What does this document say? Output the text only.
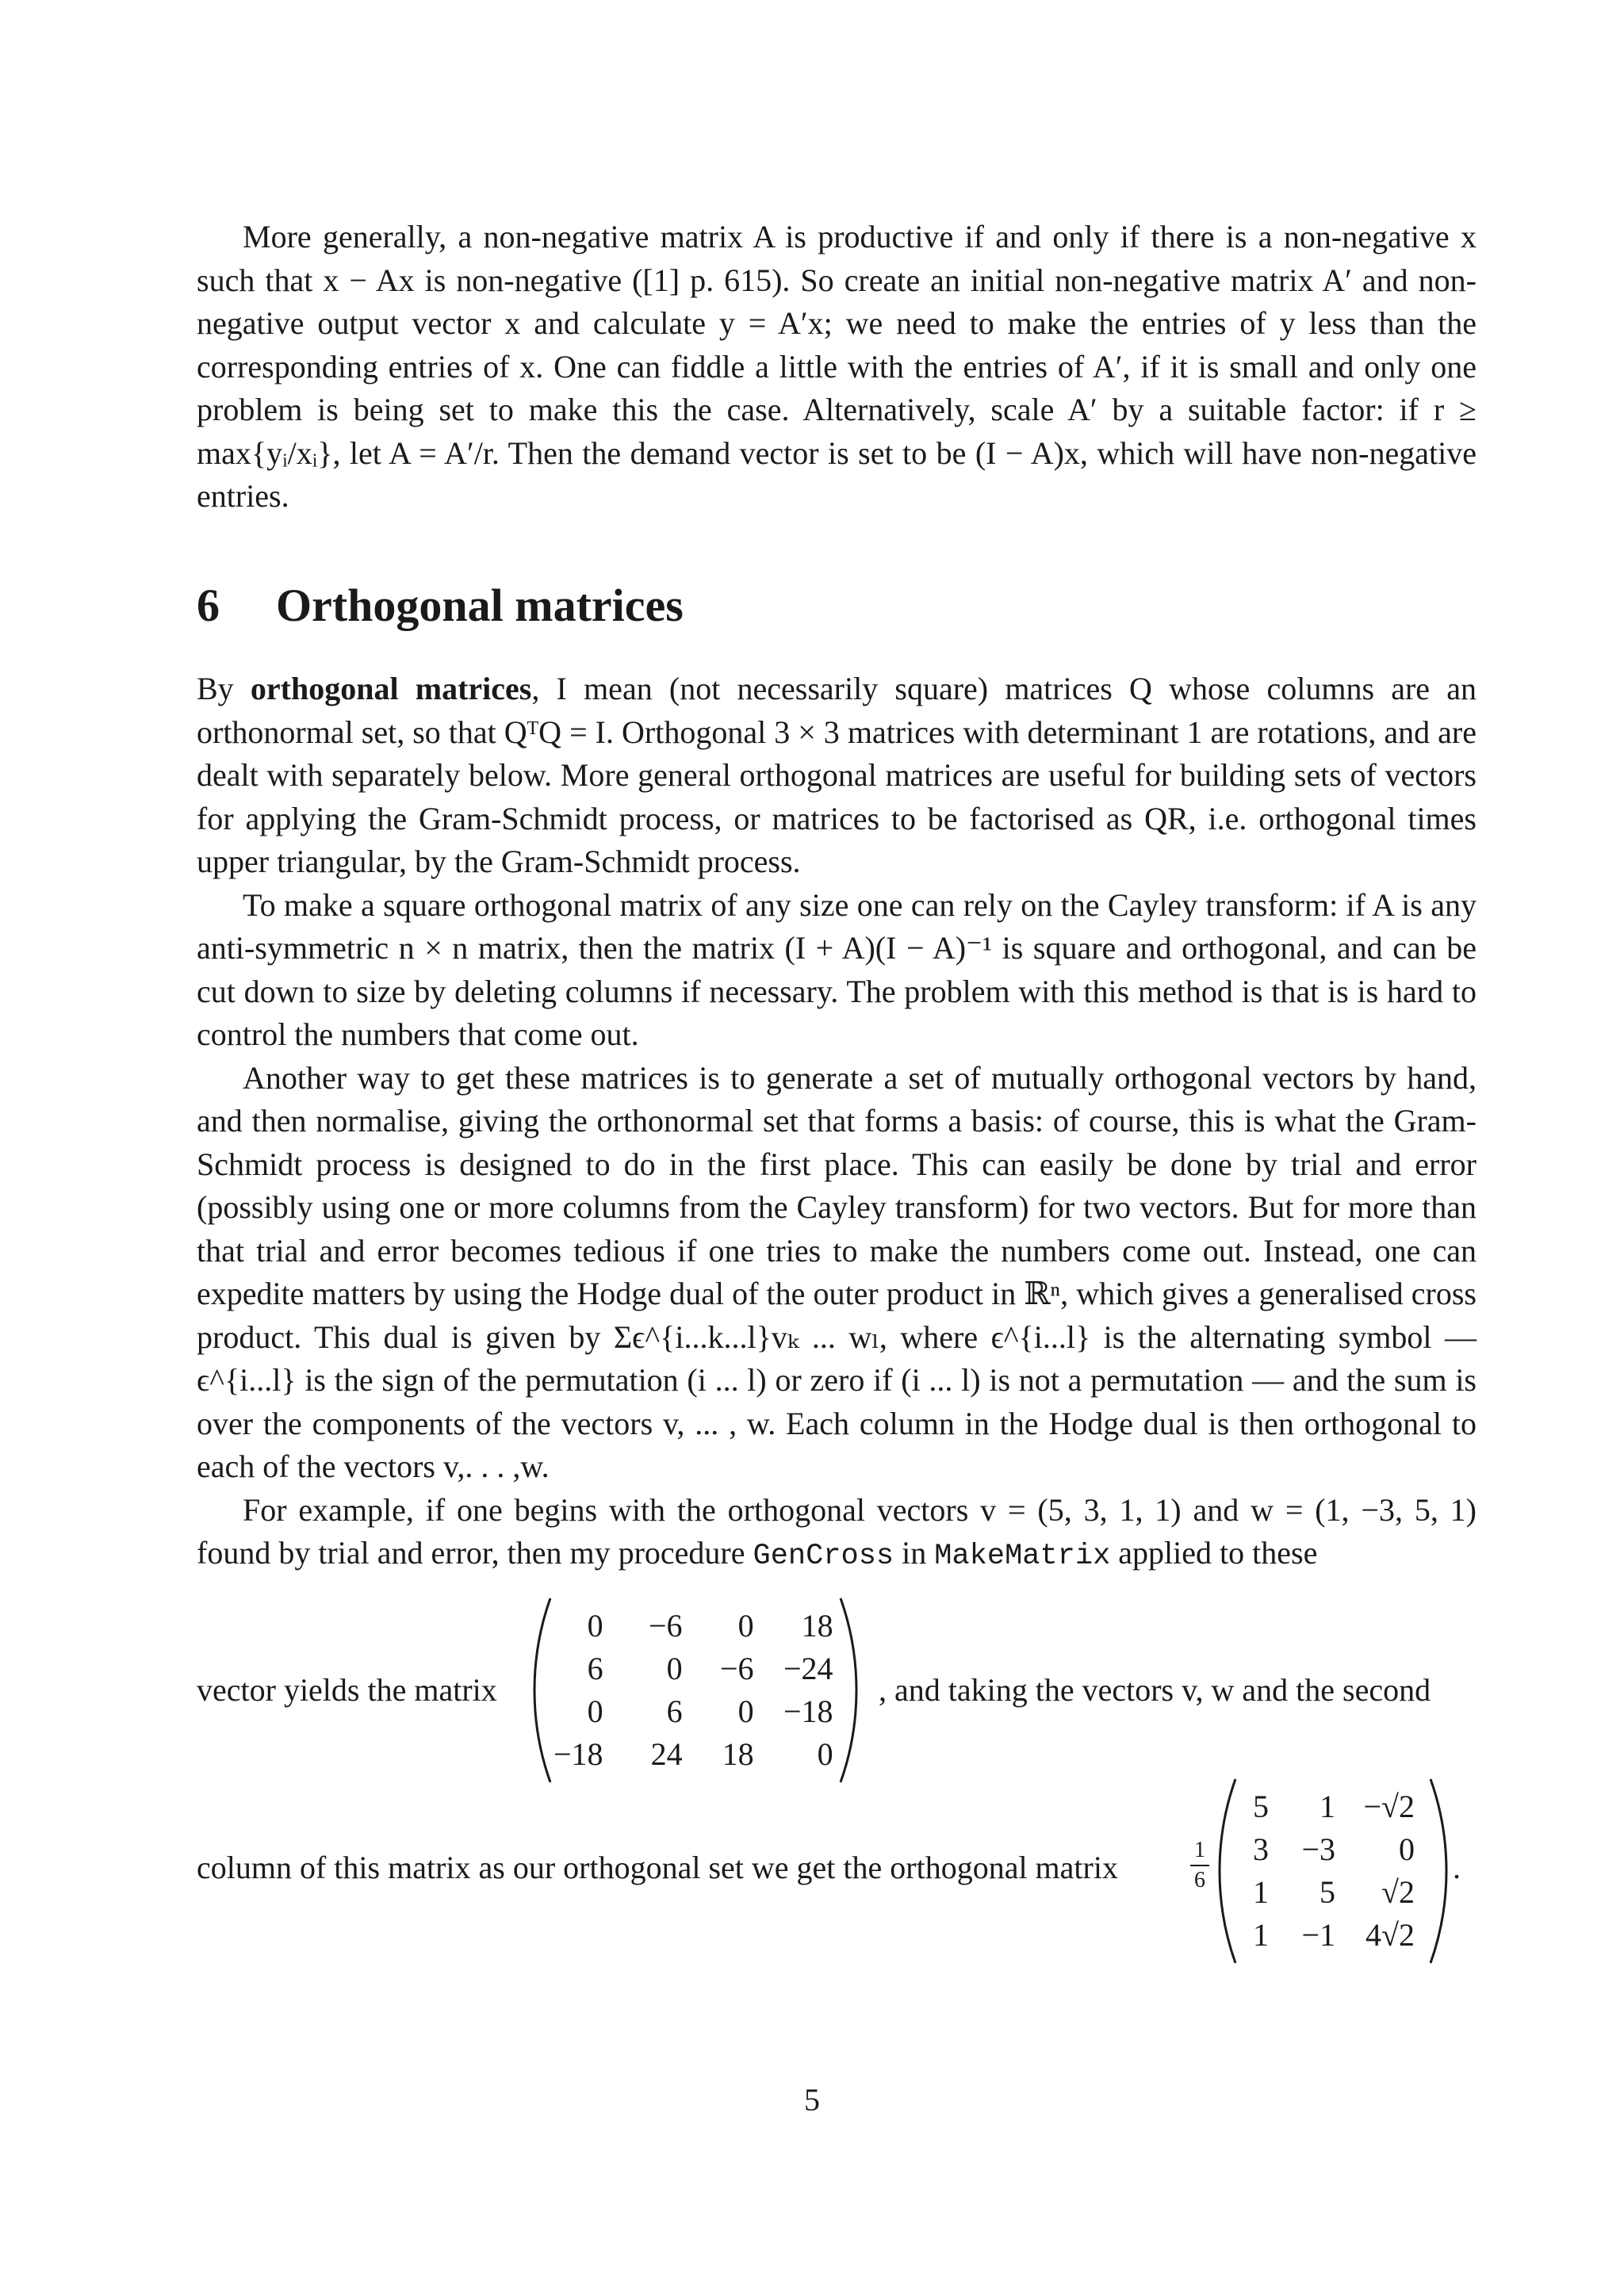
More generally, a non-negative matrix A is productive if and only if there is a non-negative x such that x − Ax is non-negative ([1] p. 615). So create an initial non-negative matrix A′ and non-negative output vector x and calculate y = A′x; we need to make the entries of y less than the corresponding entries of x. One can fiddle a little with the entries of A′, if it is small and only one problem is being set to make this the case. Alternatively, scale A′ by a suitable factor: if r ≥ max{yᵢ/xᵢ}, let A = A′/r. Then the demand vector is set to be (I − A)x, which will have non-negative entries.

6 Orthogonal matrices

By orthogonal matrices, I mean (not necessarily square) matrices Q whose columns are an orthonormal set, so that QᵀQ = I. Orthogonal 3 × 3 matrices with determinant 1 are rotations, and are dealt with separately below. More general orthogonal matrices are useful for building sets of vectors for applying the Gram-Schmidt process, or matrices to be factorised as QR, i.e. orthogonal times upper triangular, by the Gram-Schmidt process.

To make a square orthogonal matrix of any size one can rely on the Cayley transform: if A is any anti-symmetric n × n matrix, then the matrix (I + A)(I − A)⁻¹ is square and orthogonal, and can be cut down to size by deleting columns if necessary. The problem with this method is that is is hard to control the numbers that come out.

Another way to get these matrices is to generate a set of mutually orthogonal vectors by hand, and then normalise, giving the orthonormal set that forms a basis: of course, this is what the Gram-Schmidt process is designed to do in the first place. This can easily be done by trial and error (possibly using one or more columns from the Cayley transform) for two vectors. But for more than that trial and error becomes tedious if one tries to make the numbers come out. Instead, one can expedite matters by using the Hodge dual of the outer product in ℝⁿ, which gives a generalised cross product. This dual is given by Σϵ^{i...k...l}vₖ ... wₗ, where ϵ^{i...l} is the alternating symbol — ϵ^{i...l} is the sign of the permutation (i ... l) or zero if (i ... l) is not a permutation — and the sum is over the components of the vectors v, ... , w. Each column in the Hodge dual is then orthogonal to each of the vectors v,. . . ,w.

For example, if one begins with the orthogonal vectors v = (5, 3, 1, 1) and w = (1, −3, 5, 1) found by trial and error, then my procedure GenCross in MakeMatrix applied to these

vector yields the matrix	, and taking the vectors v, w and the second
0	−6	0	18
6	0	−6	−24
0	6	0	−18
−18	24	18	0
column of this matrix as our orthogonal set we get the orthogonal matrix	1
6
5	1	−√2
3	−3	0
1	5	√2
1	−1	4√2
.
5
